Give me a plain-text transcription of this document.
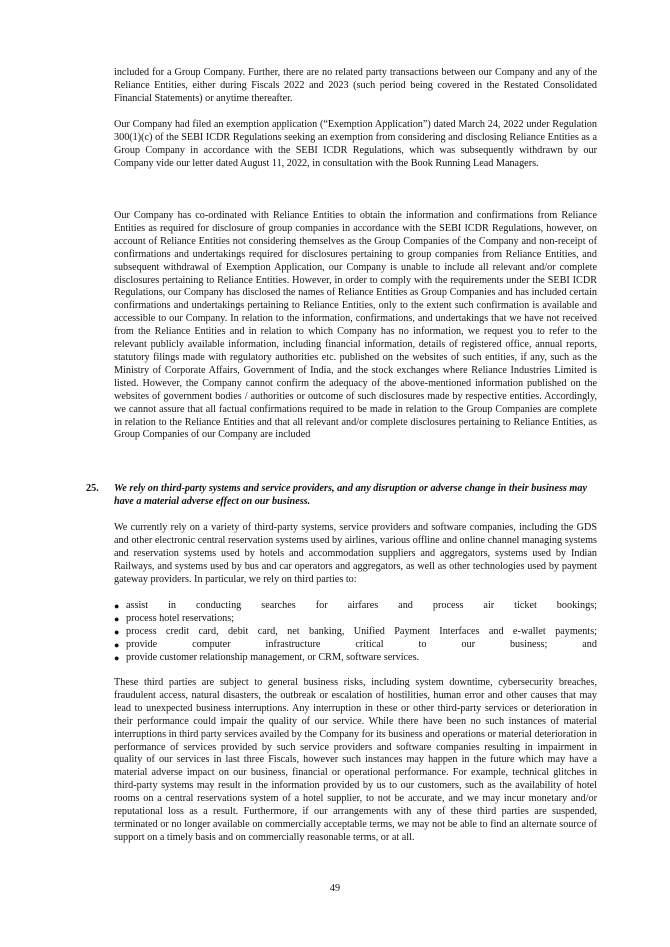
included for a Group Company. Further, there are no related party transactions between our Company and any of the Reliance Entities, either during Fiscals 2022 and 2023 (such period being covered in the Restated Consolidated Financial Statements) or anytime thereafter.

Our Company had filed an exemption application (“Exemption Application”) dated March 24, 2022 under Regulation 300(1)(c) of the SEBI ICDR Regulations seeking an exemption from considering and disclosing Reliance Entities as a Group Company in accordance with the SEBI ICDR Regulations, which was subsequently withdrawn by our Company vide our letter dated August 11, 2022, in consultation with the Book Running Lead Managers.

Our Company has co-ordinated with Reliance Entities to obtain the information and confirmations from Reliance Entities as required for disclosure of group companies in accordance with the SEBI ICDR Regulations, however, on account of Reliance Entities not considering themselves as the Group Companies of the Company and non-receipt of confirmations and undertakings required for disclosures pertaining to group companies from Reliance Entities, and subsequent withdrawal of Exemption Application, our Company is unable to include all relevant and/or complete disclosures pertaining to Reliance Entities. However, in order to comply with the requirements under the SEBI ICDR Regulations, our Company has disclosed the names of Reliance Entities as Group Companies and has included certain confirmations and undertakings pertaining to Reliance Entities, only to the extent such confirmation is available and accessible to our Company. In relation to the information, confirmations, and undertakings that we have not received from the Reliance Entities and in relation to which Company has no information, we request you to refer to the relevant publicly available information, including financial information, details of registered office, annual reports, statutory filings made with regulatory authorities etc. published on the websites of such entities, if any, such as the Ministry of Corporate Affairs, Government of India, and the stock exchanges where Reliance Industries Limited is listed. However, the Company cannot confirm the adequacy of the above-mentioned information published on the websites of government bodies / authorities or outcome of such disclosures made by respective entities. Accordingly, we cannot assure that all factual confirmations required to be made in relation to the Group Companies are complete in relation to the Reliance Entities and that all relevant and/or complete disclosures pertaining to Reliance Entities, as Group Companies of our Company are included

25.	We rely on third-party systems and service providers, and any disruption or adverse change in their business may have a material adverse effect on our business.

We currently rely on a variety of third-party systems, service providers and software companies, including the GDS and other electronic central reservation systems used by airlines, various offline and online channel managing systems and reservation systems used by hotels and accommodation suppliers and aggregators, systems used by Indian Railways, and systems used by bus and car operators and aggregators, as well as other technologies used by payment gateway providers. In particular, we rely on third parties to:

● assist in conducting searches for airfares and process air ticket bookings;
● process hotel reservations;
● process credit card, debit card, net banking, Unified Payment Interfaces and e-wallet payments;
● provide computer infrastructure critical to our business; and
● provide customer relationship management, or CRM, software services.

These third parties are subject to general business risks, including system downtime, cybersecurity breaches, fraudulent access, natural disasters, the outbreak or escalation of hostilities, human error and other causes that may lead to unexpected business interruptions. Any interruption in these or other third-party services or deterioration in their performance could impair the quality of our service. While there have been no such instances of material interruptions in third party services availed by the Company for its business and operations or material deterioration in performance of services provided by such service providers and software companies resulting in impairment in quality of our services in last three Fiscals, however such instances may happen in the future which may have a material adverse impact on our business, financial or operational performance. For example, technical glitches in third-party systems may result in the information provided by us to our customers, such as the availability of hotel rooms on a central reservations system of a hotel supplier, to not be accurate, and we may incur monetary and/or reputational loss as a result. Furthermore, if our arrangements with any of these third parties are suspended, terminated or no longer available on commercially acceptable terms, we may not be able to find an alternate source of support on a timely basis and on commercially reasonable terms, or at all.

49
